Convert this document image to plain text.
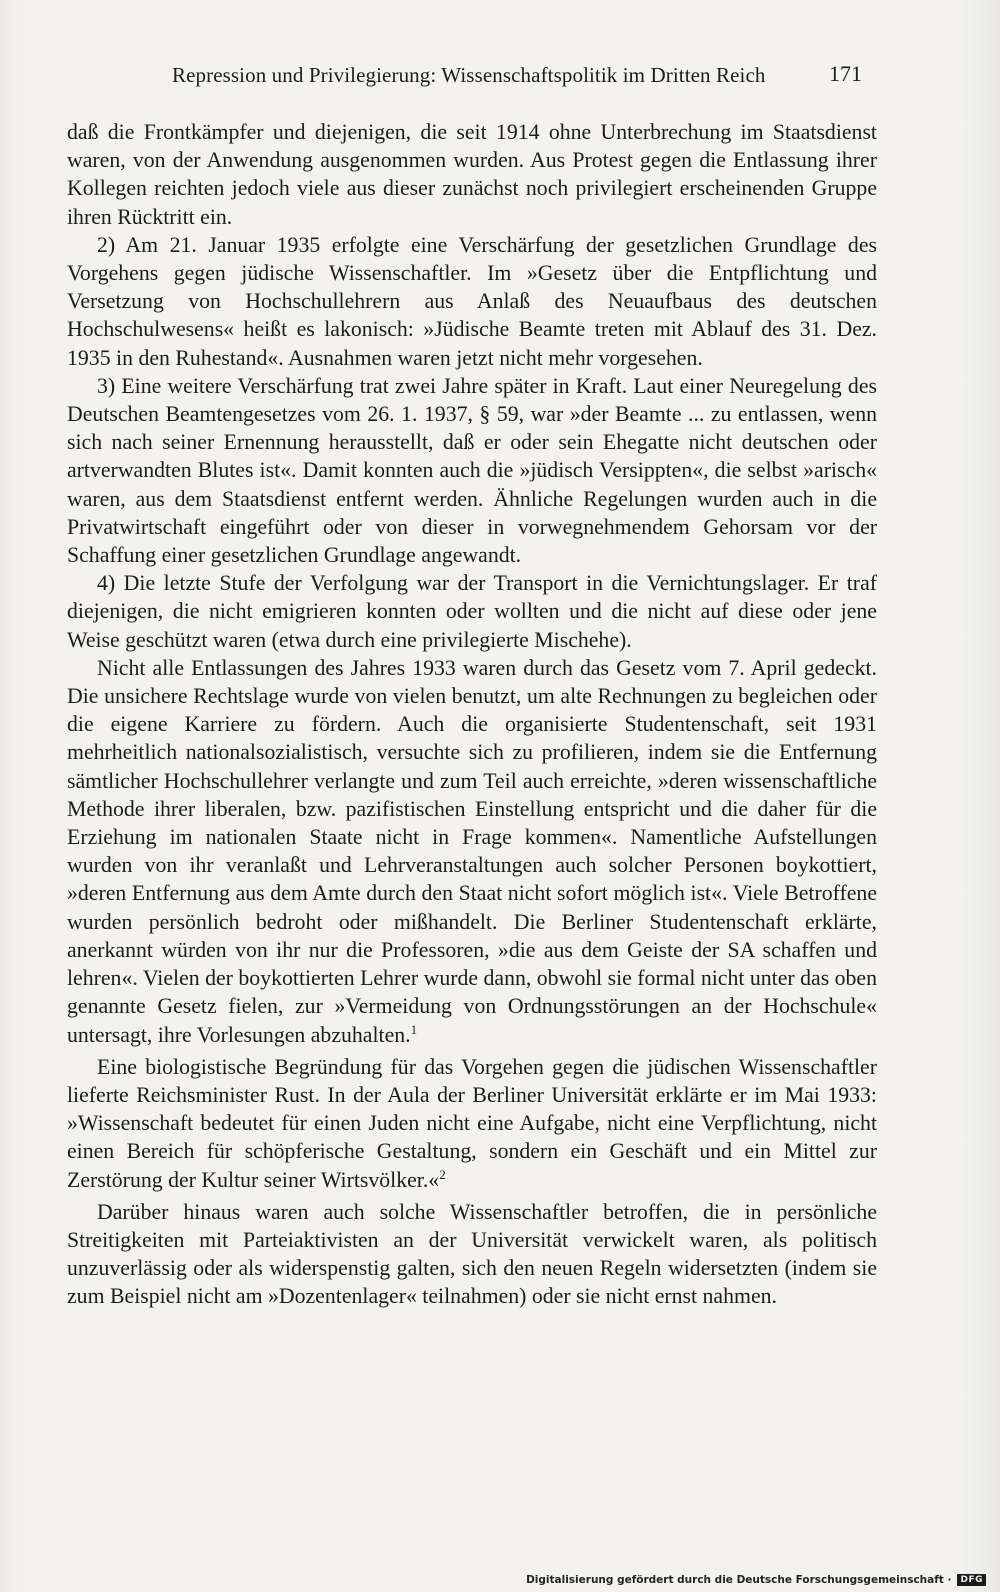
Repression und Privilegierung: Wissenschaftspolitik im Dritten Reich	171

daß die Frontkämpfer und diejenigen, die seit 1914 ohne Unterbrechung im Staatsdienst waren, von der Anwendung ausgenommen wurden. Aus Protest gegen die Entlassung ihrer Kollegen reichten jedoch viele aus dieser zunächst noch privilegiert erscheinenden Gruppe ihren Rücktritt ein.

2) Am 21. Januar 1935 erfolgte eine Verschärfung der gesetzlichen Grundlage des Vorgehens gegen jüdische Wissenschaftler. Im »Gesetz über die Entpflichtung und Versetzung von Hochschullehrern aus Anlaß des Neuaufbaus des deutschen Hochschulwesens« heißt es lakonisch: »Jüdische Beamte treten mit Ablauf des 31. Dez. 1935 in den Ruhestand«. Ausnahmen waren jetzt nicht mehr vorgesehen.

3) Eine weitere Verschärfung trat zwei Jahre später in Kraft. Laut einer Neuregelung des Deutschen Beamtengesetzes vom 26. 1. 1937, § 59, war »der Beamte ... zu entlassen, wenn sich nach seiner Ernennung herausstellt, daß er oder sein Ehegatte nicht deutschen oder artverwandten Blutes ist«. Damit konnten auch die »jüdisch Versippten«, die selbst »arisch« waren, aus dem Staatsdienst entfernt werden. Ähnliche Regelungen wurden auch in die Privatwirtschaft eingeführt oder von dieser in vorwegnehmendem Gehorsam vor der Schaffung einer gesetzlichen Grundlage angewandt.

4) Die letzte Stufe der Verfolgung war der Transport in die Vernichtungslager. Er traf diejenigen, die nicht emigrieren konnten oder wollten und die nicht auf diese oder jene Weise geschützt waren (etwa durch eine privilegierte Mischehe).

Nicht alle Entlassungen des Jahres 1933 waren durch das Gesetz vom 7. April gedeckt. Die unsichere Rechtslage wurde von vielen benutzt, um alte Rechnungen zu begleichen oder die eigene Karriere zu fördern. Auch die organisierte Studentenschaft, seit 1931 mehrheitlich nationalsozialistisch, versuchte sich zu profilieren, indem sie die Entfernung sämtlicher Hochschullehrer verlangte und zum Teil auch erreichte, »deren wissenschaftliche Methode ihrer liberalen, bzw. pazifistischen Einstellung entspricht und die daher für die Erziehung im nationalen Staate nicht in Frage kommen«. Namentliche Aufstellungen wurden von ihr veranlaßt und Lehrveranstaltungen auch solcher Personen boykottiert, »deren Entfernung aus dem Amte durch den Staat nicht sofort möglich ist«. Viele Betroffene wurden persönlich bedroht oder mißhandelt. Die Berliner Studentenschaft erklärte, anerkannt würden von ihr nur die Professoren, »die aus dem Geiste der SA schaffen und lehren«. Vielen der boykottierten Lehrer wurde dann, obwohl sie formal nicht unter das oben genannte Gesetz fielen, zur »Vermeidung von Ordnungsstörungen an der Hochschule« untersagt, ihre Vorlesungen abzuhalten.$^1$

Eine biologistische Begründung für das Vorgehen gegen die jüdischen Wissenschaftler lieferte Reichsminister Rust. In der Aula der Berliner Universität erklärte er im Mai 1933: »Wissenschaft bedeutet für einen Juden nicht eine Aufgabe, nicht eine Verpflichtung, nicht einen Bereich für schöpferische Gestaltung, sondern ein Geschäft und ein Mittel zur Zerstörung der Kultur seiner Wirtsvölker.«$^2$

Darüber hinaus waren auch solche Wissenschaftler betroffen, die in persönliche Streitigkeiten mit Parteiaktivisten an der Universität verwickelt waren, als politisch unzuverlässig oder als widerspenstig galten, sich den neuen Regeln widersetzten (indem sie zum Beispiel nicht am »Dozentenlager« teilnahmen) oder sie nicht ernst nahmen.

Digitalisierung gefördert durch die Deutsche Forschungsgemeinschaft ·	DFG
